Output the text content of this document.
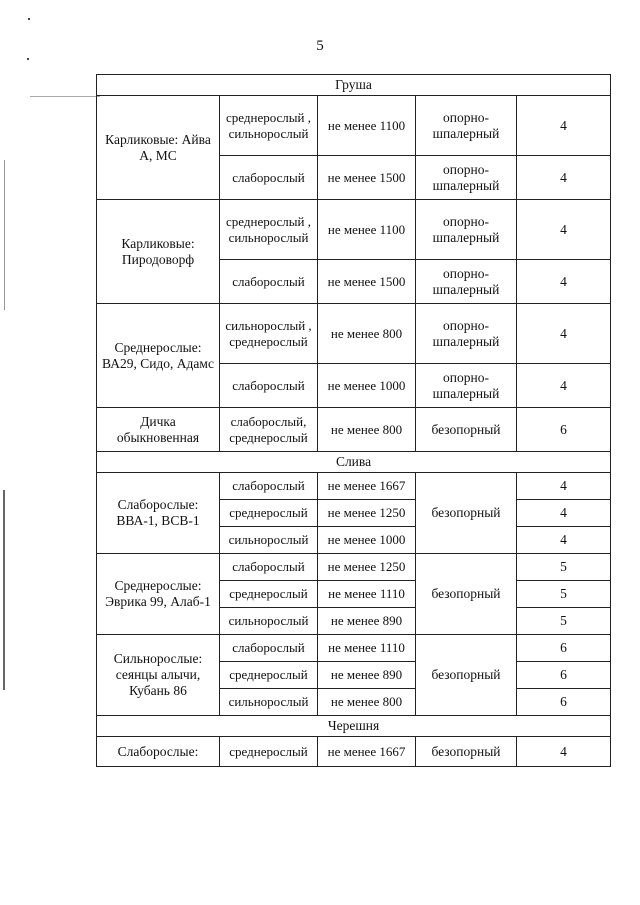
5
Груша				
Карликовые: Айва А, МС	среднерослый , сильнорослый	не менее 1100	опорно-шпалерный	4
	слаборослый	не менее 1500	опорно-шпалерный	4
Карликовые: Пиродоворф	среднерослый , сильнорослый	не менее 1100	опорно-шпалерный	4
	слаборослый	не менее 1500	опорно-шпалерный	4
Среднерослые: ВА29, Сидо, Адамс	сильнорослый , среднерослый	не менее 800	опорно-шпалерный	4
	слаборослый	не менее 1000	опорно-шпалерный	4
Дичка обыкновенная	слаборослый, среднерослый	не менее 800	безопорный	6
Слива				
Слаборослые: ВВА-1, ВСВ-1	слаборослый	не менее 1667	безопорный	4
	среднерослый	не менее 1250		4
	сильнорослый	не менее 1000		4
Среднерослые: Эврика 99, Алаб-1	слаборослый	не менее 1250	безопорный	5
	среднерослый	не менее 1110		5
	сильнорослый	не менее 890		5
Сильнорослые: сеянцы алычи, Кубань 86	слаборослый	не менее 1110	безопорный	6
	среднерослый	не менее 890		6
	сильнорослый	не менее 800		6
Черешня				
Слаборослые:	среднерослый	не менее 1667	безопорный	4
